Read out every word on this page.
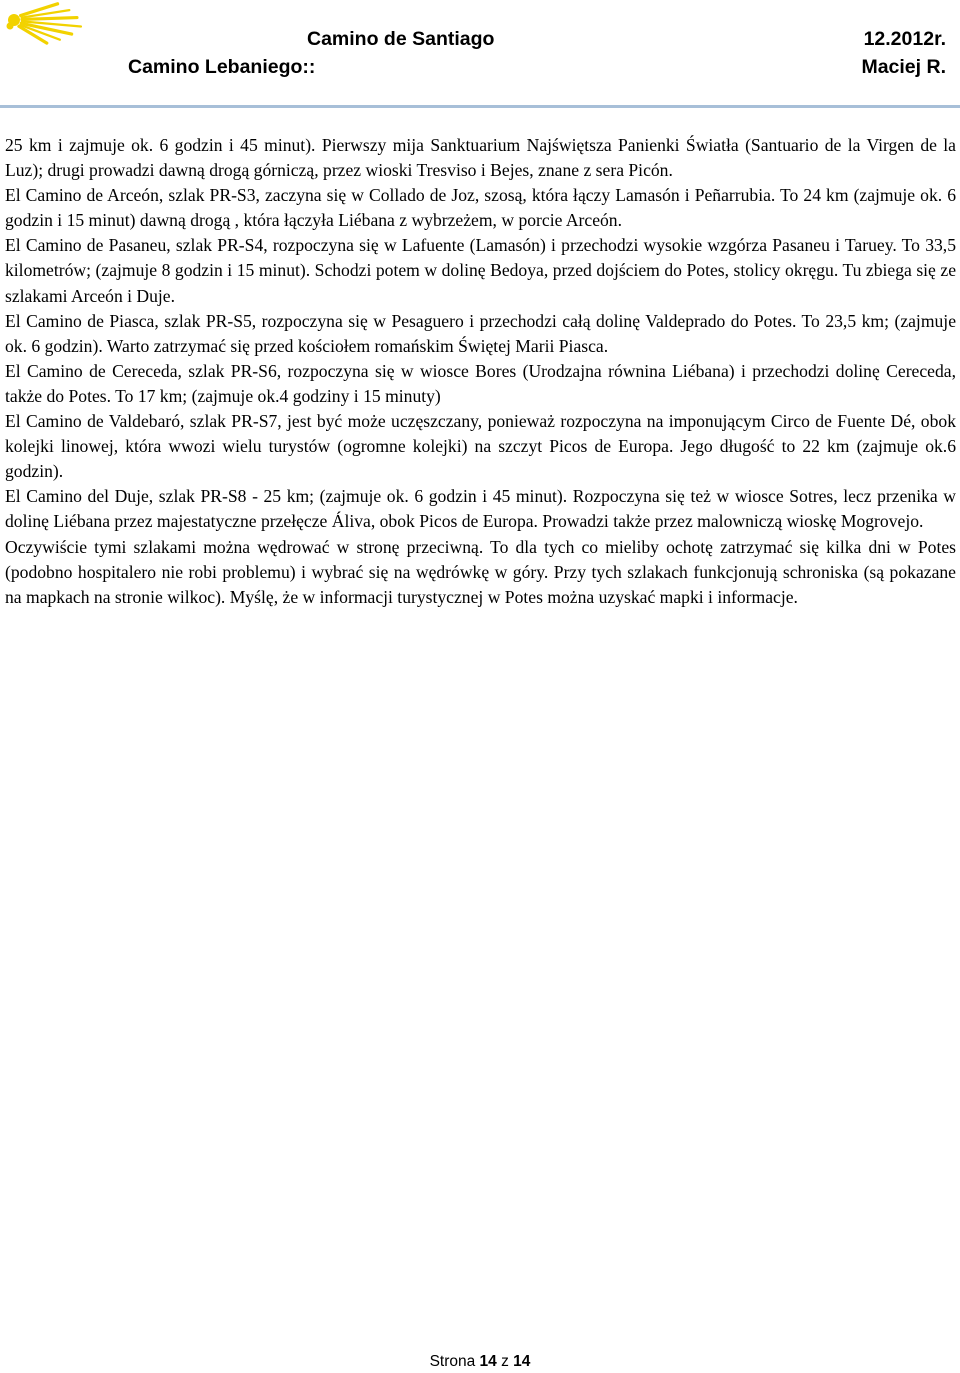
Camino de Santiago	12.2012r.
Camino Lebaniego::	Maciej R.

25 km i zajmuje ok. 6 godzin i 45 minut). Pierwszy mija Sanktuarium Najświętsza Panienki Światła (Santuario de la Virgen de la Luz); drugi prowadzi dawną drogą górniczą, przez wioski Tresviso i Bejes, znane z sera Picón.

El Camino de Arceón, szlak PR-S3, zaczyna się w Collado de Joz, szosą, która łączy Lamasón i Peñarrubia. To 24 km (zajmuje ok. 6 godzin i 15 minut) dawną drogą , która łączyła Liébana z wybrzeżem, w porcie Arceón.

El Camino de Pasaneu, szlak PR-S4, rozpoczyna się w Lafuente (Lamasón) i przechodzi wysokie wzgórza Pasaneu i Taruey. To 33,5 kilometrów; (zajmuje 8 godzin i 15 minut). Schodzi potem w dolinę Bedoya, przed dojściem do Potes, stolicy okręgu. Tu zbiega się ze szlakami Arceón i Duje.

El Camino de Piasca, szlak PR-S5, rozpoczyna się w Pesaguero i przechodzi całą dolinę Valdeprado do Potes. To 23,5 km; (zajmuje ok. 6 godzin). Warto zatrzymać się przed kościołem romańskim Świętej Marii Piasca.

El Camino de Cereceda, szlak PR-S6, rozpoczyna się w wiosce Bores (Urodzajna równina Liébana) i przechodzi dolinę Cereceda, także do Potes. To 17 km; (zajmuje ok.4 godziny i 15 minuty)

El Camino de Valdebaró, szlak PR-S7, jest być może uczęszczany, ponieważ rozpoczyna na imponującym Circo de Fuente Dé, obok kolejki linowej, która wwozi wielu turystów (ogromne kolejki) na szczyt Picos de Europa. Jego długość to 22 km (zajmuje ok.6 godzin).

El Camino del Duje, szlak PR-S8 - 25 km; (zajmuje ok. 6 godzin i 45 minut). Rozpoczyna się też w wiosce Sotres, lecz przenika w dolinę Liébana przez majestatyczne przełęcze Áliva, obok Picos de Europa. Prowadzi także przez malowniczą wioskę Mogrovejo.

Oczywiście tymi szlakami można wędrować w stronę przeciwną. To dla tych co mieliby ochotę zatrzymać się kilka dni w Potes (podobno hospitalero nie robi problemu) i wybrać się na wędrówkę w góry. Przy tych szlakach funkcjonują schroniska (są pokazane na mapkach na stronie wilkoc). Myślę, że w informacji turystycznej w Potes można uzyskać mapki i informacje.

Strona 14 z 14
